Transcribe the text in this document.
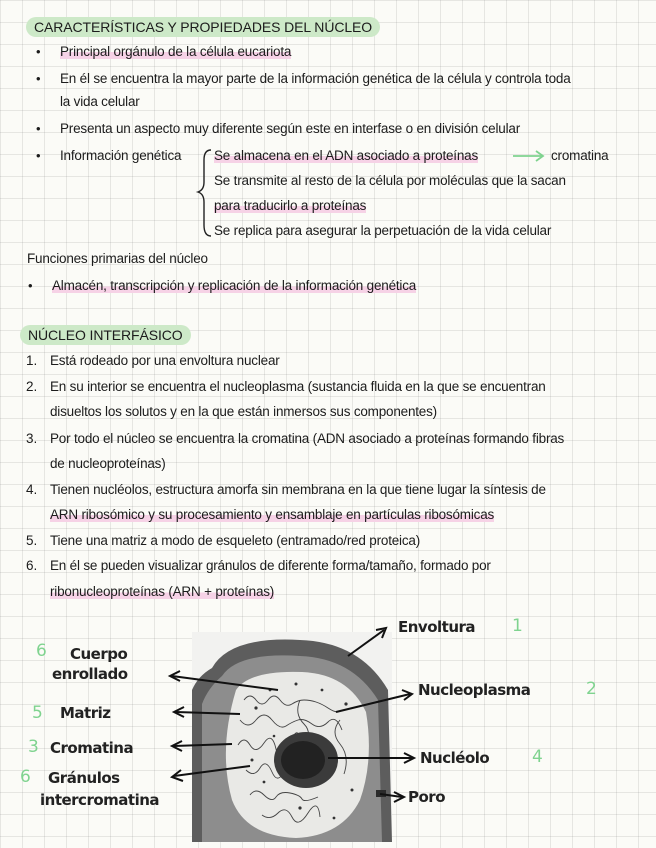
CARACTERÍSTICAS Y PROPIEDADES DEL NÚCLEO
• Principal orgánulo de la célula eucariota
• En él se encuentra la mayor parte de la información genética de la célula y controla toda
la vida celular
• Presenta un aspecto muy diferente según este en interfase o en división celular
• Información genética Se almacena en el ADN asociado a proteínas	cromatina
Se transmite al resto de la célula por moléculas que la sacan
para traducirlo a proteínas
Se replica para asegurar la perpetuación de la vida celular
Funciones primarias del núcleo
• Almacén, transcripción y replicación de la información genética
NÚCLEO INTERFÁSICO
1. Está rodeado por una envoltura nuclear
2. En su interior se encuentra el nucleoplasma (sustancia fluida en la que se encuentran
disueltos los solutos y en la que están inmersos sus componentes)
3. Por todo el núcleo se encuentra la cromatina (ADN asociado a proteínas formando fibras
de nucleoproteínas)
4. Tienen nucléolos, estructura amorfa sin membrana en la que tiene lugar la síntesis de
ARN ribosómico y su procesamiento y ensamblaje en partículas ribosómicas
5. Tiene una matriz a modo de esqueleto (entramado/red proteica)
6. En él se pueden visualizar gránulos de diferente forma/tamaño, formado por
ribonucleoproteínas (ARN + proteínas)
Envoltura 1
Nucleoplasma	2
Nucléolo	4
Poro
6 Cuerpo
enrollado
5 Matriz
3 Cromatina
6 Gránulos
intercromatina
